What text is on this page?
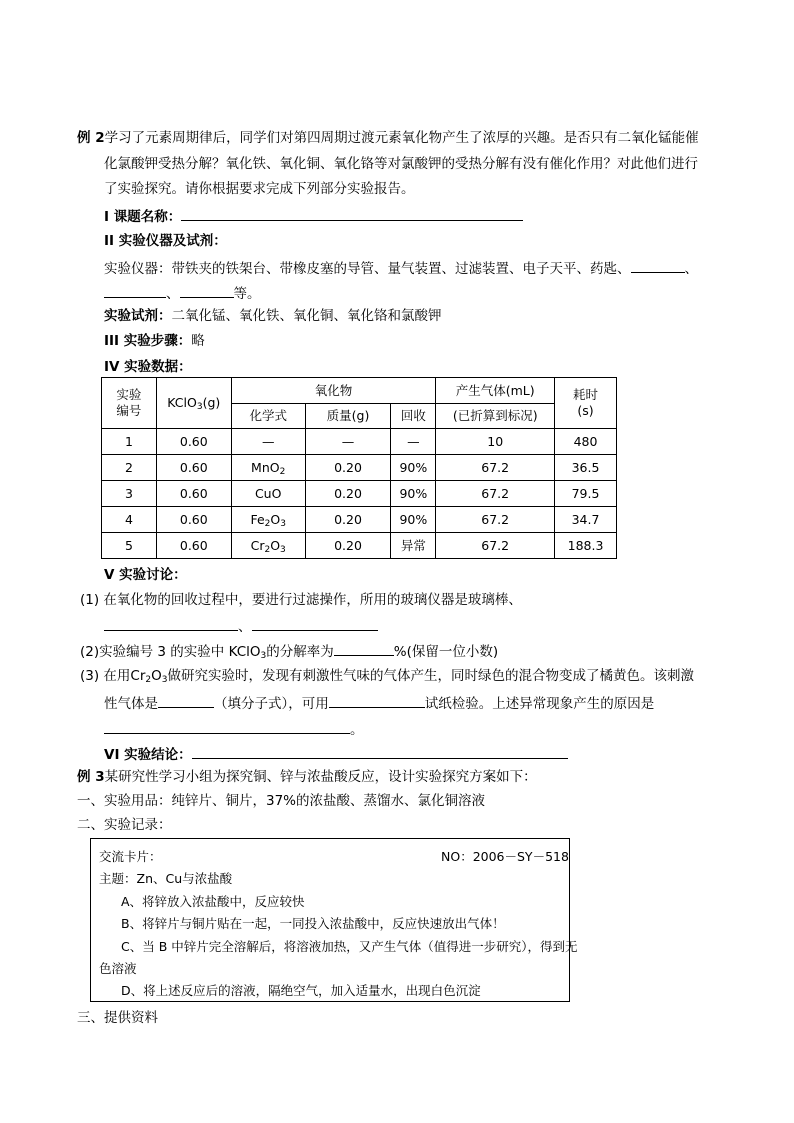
例 2学习了元素周期律后，同学们对第四周期过渡元素氧化物产生了浓厚的兴趣。是否只有二氧化锰能催
化氯酸钾受热分解？氧化铁、氧化铜、氧化铬等对氯酸钾的受热分解有没有催化作用？对此他们进行
了实验探究。请你根据要求完成下列部分实验报告。
I 课题名称：
II 实验仪器及试剂：
实验仪器：带铁夹的铁架台、带橡皮塞的导管、量气装置、过滤装置、电子天平、药匙、	、
、	等。
实验试剂：二氧化锰、氧化铁、氧化铜、氧化铬和氯酸钾
III 实验步骤：略
IV 实验数据：
实验
编号	KClO$_3$(g)	氧化物			产生气体(mL)	耗时
(s)
		化学式	质量(g)	回收	(已折算到标况)	
1	0.60	—	—	—	10	480
2	0.60	MnO$_2$	0.20	90%	67.2	36.5
3	0.60	CuO	0.20	90%	67.2	79.5
4	0.60	$Fe_2O_3$	0.20	90%	67.2	34.7
5	0.60	$Cr_2O_3$	0.20	异常	67.2	188.3
V 实验讨论：
(1) 在氧化物的回收过程中，要进行过滤操作，所用的玻璃仪器是玻璃棒、
、
(2)实验编号 3 的实验中 KClO$_3$的分解率为	%(保留一位小数)
(3) 在用$Cr_2O_3$做研究实验时，发现有刺激性气味的气体产生，同时绿色的混合物变成了橘黄色。该刺激
性气体是	（填分子式），可用	试纸检验。上述异常现象产生的原因是
。
VI 实验结论：
例 3某研究性学习小组为探究铜、锌与浓盐酸反应，设计实验探究方案如下：
一、实验用品：纯锌片、铜片，37%的浓盐酸、蒸馏水、氯化铜溶液
二、实验记录：
交流卡片：	NO：2006－SY－518
主题：Zn、Cu与浓盐酸
A、将锌放入浓盐酸中，反应较快
B、将锌片与铜片贴在一起，一同投入浓盐酸中，反应快速放出气体！
C、当 B 中锌片完全溶解后，将溶液加热，又产生气体（值得进一步研究），得到无
色溶液
D、将上述反应后的溶液，隔绝空气，加入适量水，出现白色沉淀
三、提供资料
